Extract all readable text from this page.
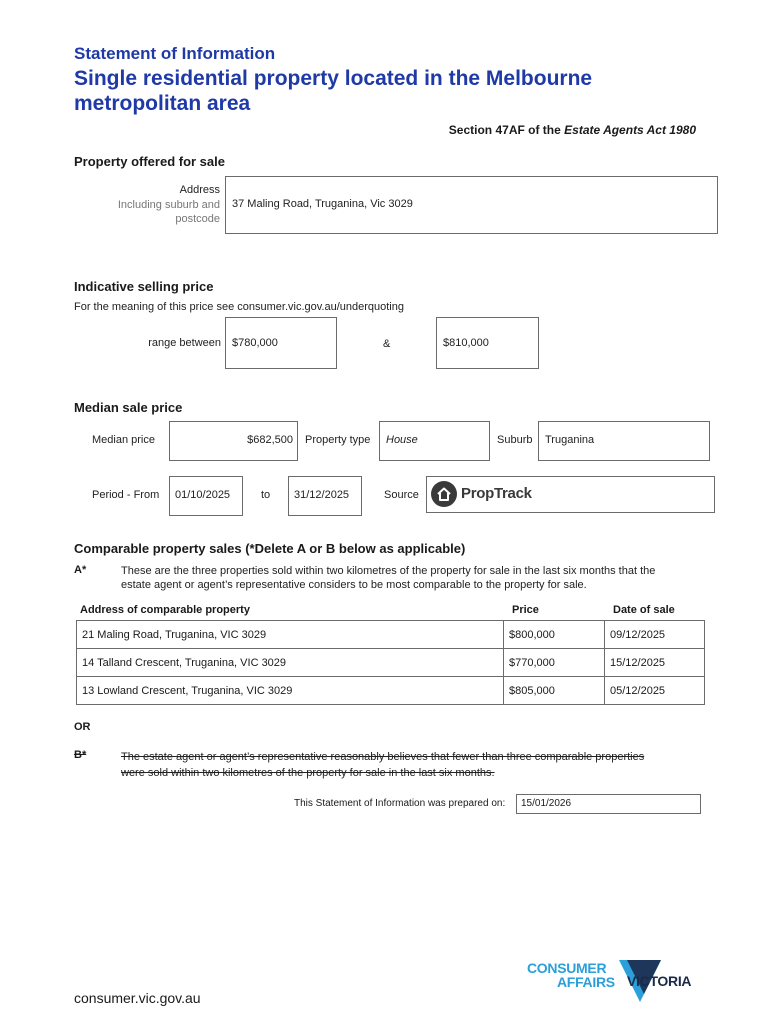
Statement of Information
Single residential property located in the Melbourne
metropolitan area
Section 47AF of the Estate Agents Act 1980
Property offered for sale
Address
Including suburb and
postcode
37 Maling Road, Truganina, Vic 3029
Indicative selling price
For the meaning of this price see consumer.vic.gov.au/underquoting
range between $780,000	&	$810,000
Median sale price
Median price	$682,500 Property type House	Suburb Truganina
Period - From 01/10/2025	to 31/12/2025	Source	PropTrack
Comparable property sales (*Delete A or B below as applicable)
A*	These are the three properties sold within two kilometres of the property for sale in the last six months that the
estate agent or agent’s representative considers to be most comparable to the property for sale.
Address of comparable property	Price	Date of sale
21 Maling Road, Truganina, VIC 3029	$800,000	09/12/2025
14 Talland Crescent, Truganina, VIC 3029	$770,000	15/12/2025
13 Lowland Crescent, Truganina, VIC 3029	$805,000	05/12/2025
OR
B*	The estate agent or agent’s representative reasonably believes that fewer than three comparable properties
were sold within two kilometres of the property for sale in the last six months.
This Statement of Information was prepared on: 15/01/2026
consumer.vic.gov.au
CONSUMER
AFFAIRS VICTORIA
